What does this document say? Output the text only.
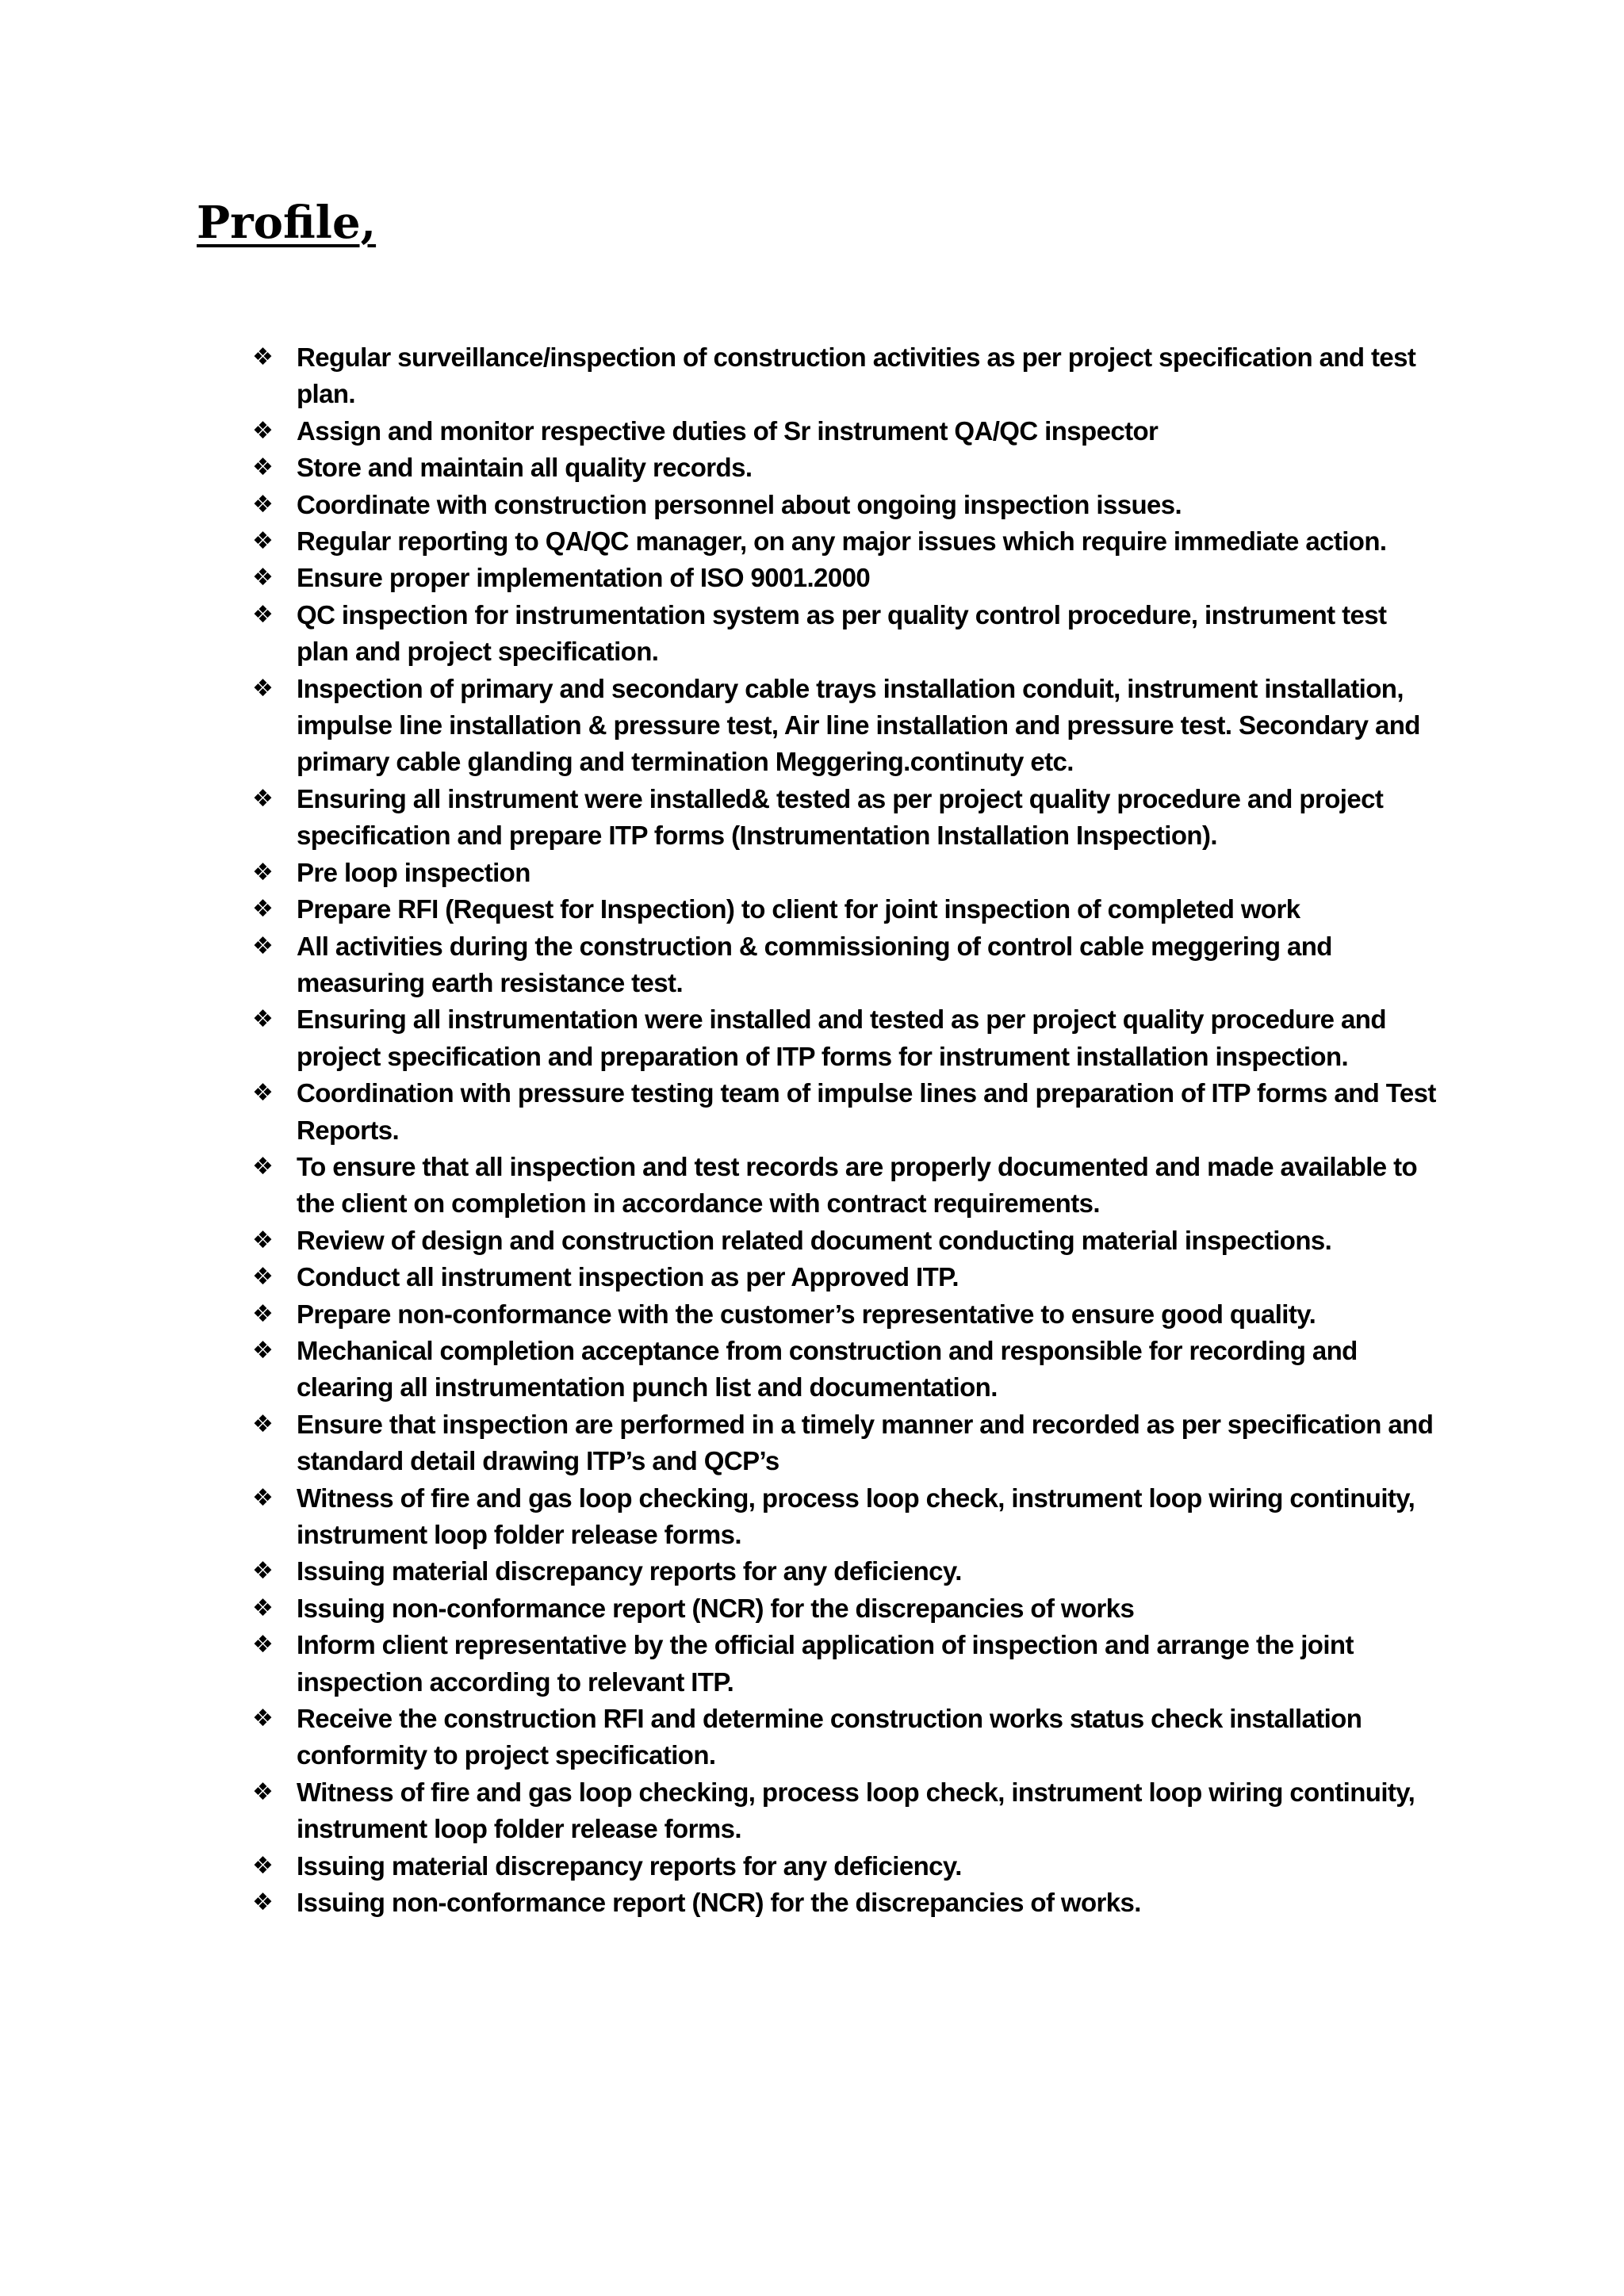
Profile,
❖ Regular surveillance/inspection of construction activities as per project specification and test plan.
❖ Assign and monitor respective duties of Sr instrument QA/QC inspector
❖ Store and maintain all quality records.
❖ Coordinate with construction personnel about ongoing inspection issues.
❖ Regular reporting to QA/QC manager, on any major issues which require immediate action.
❖ Ensure proper implementation of ISO 9001.2000
❖ QC inspection for instrumentation system as per quality control procedure, instrument test plan and project specification.
❖ Inspection of primary and secondary cable trays installation conduit, instrument installation, impulse line installation & pressure test, Air line installation and pressure test. Secondary and primary cable glanding and termination Meggering.continuty etc.
❖ Ensuring all instrument were installed& tested as per project quality procedure and project specification and prepare ITP forms (Instrumentation Installation Inspection).
❖ Pre loop inspection
❖ Prepare RFI (Request for Inspection) to client for joint inspection of completed work
❖ All activities during the construction & commissioning of control cable meggering and measuring earth resistance test.
❖ Ensuring all instrumentation were installed and tested as per project quality procedure and project specification and preparation of ITP forms for instrument installation inspection.
❖ Coordination with pressure testing team of impulse lines and preparation of ITP forms and Test Reports.
❖ To ensure that all inspection and test records are properly documented and made available to the client on completion in accordance with contract requirements.
❖ Review of design and construction related document conducting material inspections.
❖ Conduct all instrument inspection as per Approved ITP.
❖ Prepare non-conformance with the customer’s representative to ensure good quality.
❖ Mechanical completion acceptance from construction and responsible for recording and clearing all instrumentation punch list and documentation.
❖ Ensure that inspection are performed in a timely manner and recorded as per specification and standard detail drawing ITP’s and QCP’s
❖ Witness of fire and gas loop checking, process loop check, instrument loop wiring continuity, instrument loop folder release forms.
❖ Issuing material discrepancy reports for any deficiency.
❖ Issuing non-conformance report (NCR) for the discrepancies of works
❖ Inform client representative by the official application of inspection and arrange the joint inspection according to relevant ITP.
❖ Receive the construction RFI and determine construction works status check installation conformity to project specification.
❖ Witness of fire and gas loop checking, process loop check, instrument loop wiring continuity, instrument loop folder release forms.
❖ Issuing material discrepancy reports for any deficiency.
❖ Issuing non-conformance report (NCR) for the discrepancies of works.
